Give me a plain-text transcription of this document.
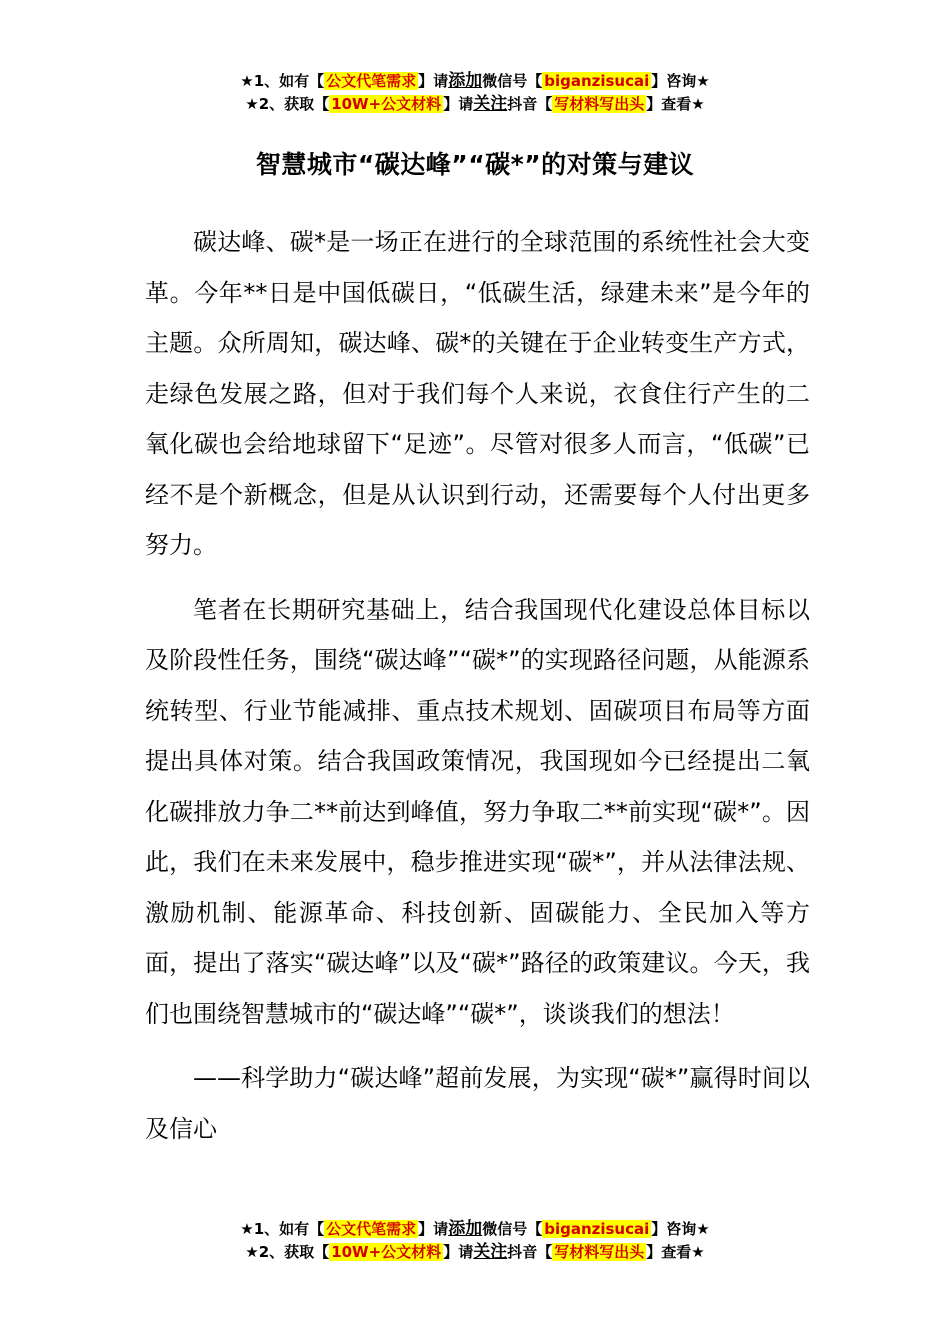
★1、如有【 公文代笔需求 】请添加微信号【 biganzisucai 】咨询★
★2、获取【 10W+公文材料 】请关注抖音【 写材料写出头 】查看★
智慧城市“碳达峰”“碳*”的对策与建议

碳达峰、碳*是一场正在进行的全球范围的系统性社会大变革。今年**日是中国低碳日，“低碳生活，绿建未来”是今年的主题。众所周知，碳达峰、碳*的关键在于企业转变生产方式，走绿色发展之路，但对于我们每个人来说，衣食住行产生的二氧化碳也会给地球留下“足迹”。尽管对很多人而言，“低碳”已经不是个新概念，但是从认识到行动，还需要每个人付出更多努力。

笔者在长期研究基础上，结合我国现代化建设总体目标以及阶段性任务，围绕“碳达峰”“碳*”的实现路径问题，从能源系统转型、行业节能减排、重点技术规划、固碳项目布局等方面提出具体对策。结合我国政策情况，我国现如今已经提出二氧化碳排放力争二**前达到峰值，努力争取二**前实现“碳*”。因此，我们在未来发展中，稳步推进实现“碳*”，并从法律法规、激励机制、能源革命、科技创新、固碳能力、全民加入等方面，提出了落实“碳达峰”以及“碳*”路径的政策建议。今天，我们也围绕智慧城市的“碳达峰”“碳*”，谈谈我们的想法！

——科学助力“碳达峰”超前发展，为实现“碳*”赢得时间以及信心

★1、如有【 公文代笔需求 】请添加微信号【 biganzisucai 】咨询★
★2、获取【 10W+公文材料 】请关注抖音【 写材料写出头 】查看★
